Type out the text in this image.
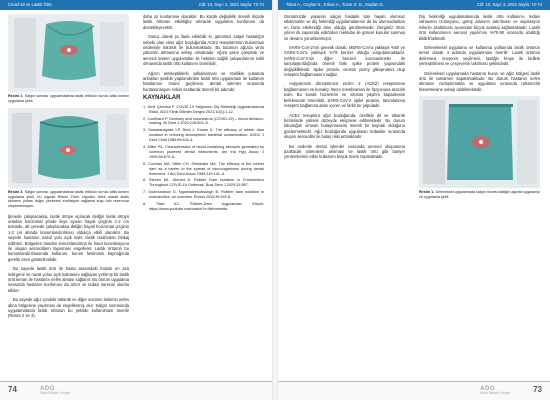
Covid-19 ve Lastik Örtü	Cilt: 10, Sayı: 2, 2021 Sayfa: 72-74
Resim 2. Salgın sonrası uygulamalarda lastik örtünün kurulu altta korken uygulama şekli.
Resim 3. Salgın sonrası uygulamalarda lastik örtünün kurulu altta korken uygulama şekli, bu olguda Resim 2'den olguden farklı olarak lastik kenarını yukarı doğru çevirerek emülsiyon sağlama suyu için rezervuar oluşturulmuştur.

ğenede çalışılacaksa, lastik örtüye açılacak deliğin lastik örtüyü ortadan horizontal yönde ikiye ayıran hayali çizginin 1-2 cm üstünde, alt çenede çalışılacaksa deliğin hayali horizontal çizginin 1-2 cm altında konumlandırılması oldukça etkili olacaktır. Bu sayede hastanın nazal yolu açık kalır, lastik tarafından blokaj edilmez. Bölgeden tümden konumlandırma ile hava konvoksiyonu ile oluşan aerosolların taşınması engellenir. Lastik örtünün bu konumlandırılmasında kullanım, kurum hekiminin kaynağında gerekli özen gösterilmelidir.

Bu sayede lastik örtü ile hasta arasındaki boşluk en aza indirgenir ve nazal yolun açık kalmasını sağlayan yırtılmış bir lastik örtü kenarı ile hastanın nefes alması sağlanır. Bu durum uygulama sırasında hastanın konforunu da artırır ve tedavi sürecini olumlu etkiler.

Bu sayede ağız içindeki tükürük ve diğer sıvıların hekimin nefes alma bölgesine yayılması da engellenmiş olur. Salgın sonrasında uygulamalarda lastik örtünün bu şekilde kullanılması önerilir (Resim 2 ve 3).

daha az kontamine olacaktır. Bu küçük değişiklik önemli ölçüde lastik örtünün etkinliğini artırarak uygulama konforunu da destekleyecektir.

Sonuç olarak şu ifade edilebilir ki, günümüz salgın hastalığın sebebi olan virüs ağız boşluğunda ACE2 reseptörünün bulunması nedeniyle tükürük ile bulunmaktadır. Bu tutumun ağızda virüs yükünün artmasına sebep olmaktadır. Ağıza yakın çalışmak ve aerosol üreten uygulamalar ile hekimin sağlık çalışanlarının riskli olmasında lastik örtü kullanımı önemlidir.

Ağızın antiseptiklerle çalkalanması ve özellikle yukarıda anlatılan şekilde yapılandırılan lastik örtü uygulaması ile kullanım hatalarının önüne geçilmesi, dental işlemler sırasında kontaminasyon riskini azaltacak önemli bir adımdır.

KAYNAKLAR
1. Ümit Çamlıca F. COVID-19 Salgınının Diş Hekimliği Uygulamalarına Etkisi. ADO Klinik Bilimler Dergisi 2021;10(1):1-12.
2. Coulthard P. Dentistry and coronavirus (COVID-19) – moral decision-making. Br Dent J 2020;228:503–5.
3. Samaranayake LP, Reid J, Evans D. The efficacy of rubber dam isolation in reducing atmospheric bacterial contamination. ASDC J Dent Child 1989;56:442-4.
4. Miller RL. Characteristics of blood-containing aerosols generated by common powered dental instruments. Am Ind Hyg Assoc J 1995;56:670–6.
5. Cochran MA, Miller CH, Sheldrake MA. The efficacy of the rubber dam as a barrier to the spread of microorganisms during dental treatment. J Am Dent Assoc 1989;119:141–4.
6. Steven ML, Ahmed A. Rubber Dam Isolation in Endodontics Throughout COVID-19 Outbreak. Braz Dent J 2020;31:587.
7. Gudmundson D, Ngamlaleesubsungh B. Rubber dam isolation in endodontics: an overview. Endod 2010;36:922-8.
8. Triad AC. Rübber-Dam Uygulaması. Erişim: https://www.youtube.com/watch?v=8ifmrekwks
74	ADO
Klinik Bilimler Dergisi
Tokat A., Ceylan N., Erkan A., Tuzer Z. G., Kaplan G.	Cilt: 10, Sayı: 2, 2021 Sayfa: 72-74

Günümüzde yaşanan salgın hastalık tüm hayatı olumsuz etkilemekte ve diş hekimliği uygulamalarının da bu olumsuzluktan en fazla etkilendiği alan olduğu görülmektedir. Dergimiz 2021 yılının ilk sayısında editörden mektubu ile güncel konular sunmuş ve devamı yorumlanmıştır.

SARS-CoV-2'nin genetik olarak, MERS-CoV'a yaklaşık %50 ve SARS-CoV'a yaklaşık %79 benzer olduğu vurgulanmaktadır. SARS-CoV-2'nin diğer benzeri koronavirüsler ile karşılaştırıldığında önemli farkı spike protein yapısındaki değişikliklerdir. Spike protein, virüsün yüzey glikoproteini olup reseptör bağlanmasını sağlar.

Anjiyotensin dönüştürücü enzim 2 (ACE2) reseptörüne bağlanmasını ve konakçı hücre membranları ile füzyonuna aracılık eder. Bu konak hücrelerin ve virüsün yayılım kapasitesini belirlemede önemlidir. SARS-CoV-2 spike proteini, tanımlanmış reseptör bağlanma alanı içeren ve farklı bir yapıdadır.

ACE2 reseptörü ağız boşluğunda, özellikle dil ve tükürük bezlerinde yüksek düzeyde eksprese edilmektedir. Bu durum tükürüğün virüsün bulaşmasında önemli bir kaynak olduğunu göstermektedir. Ağız boşluğunda uygulanan tedaviler sırasında oluşan aerosollar ile bulaş riski artmaktadır.

Bu nedenle dental işlemler sırasında aerosol oluşumunu azaltacak önlemlerin alınması ve lastik örtü gibi bariyer yöntemlerinin etkin kullanımı büyük önem taşımaktadır.

Diş hekimliği uygulamalarında lastik örtü kullanımı, tedavi sahasının izolasyonu, görüş alanının artırılması ve aspirasyon riskinin azaltılması açısından birçok avantaj sağlamaktadır. Lastik örtü kullanımının aerosol yayılımını %70-90 oranında azalttığı bildirilmektedir.

Gelenekesel uygulama ve kullanma yollarında lastik örtünün temel olarak 4 adımda uygulanması önerilir: Lastik örtünün delinmesi, kroşenin seçilmesi, lastiğin kroşe ile birlikte yerleştirilmesi ve çerçevenin takılması şeklindedir.

Geleneksel uygulamada hastanın burun ve ağız bölgesi lastik örtü ile tamamen kapatılmaktadır. Bu durum hastanın nefes almasını zorlaştırmakta ve uygulama sırasında rahatsızlık hissetmesine sebep olabilmektedir.

Resim 1. Geleneksel uygulamada salgın öncesi lastiğin ağızda uygulanışı ve uygulama şekli.
ADO
Klinik Bilimler Dergisi	73
